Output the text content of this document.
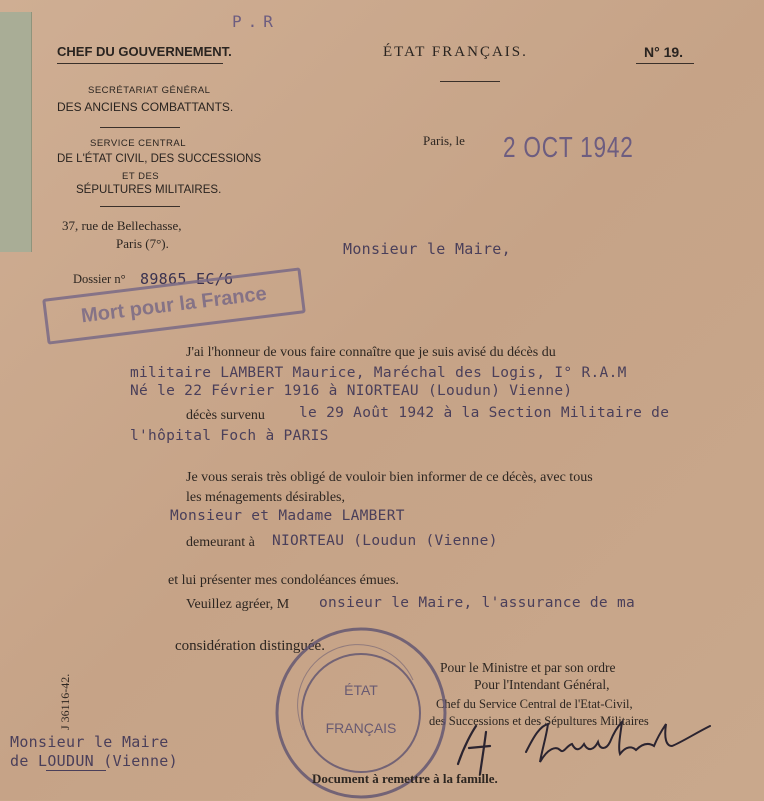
P.R
CHEF DU GOUVERNEMENT.	ÉTAT FRANÇAIS.	N° 19.
SECRÉTARIAT GÉNÉRAL
DES ANCIENS COMBATTANTS.
SERVICE CENTRAL
DE L'ÉTAT CIVIL, DES SUCCESSIONS
ET DES
SÉPULTURES MILITAIRES.
37, rue de Bellechasse,
Paris (7°).
Dossier n° 89865 EC/6
Paris, le 2 OCT 1942
Mort pour la France
Monsieur le Maire,
J'ai l'honneur de vous faire connaître que je suis avisé du décès du
militaire LAMBERT Maurice, Maréchal des Logis, I° R.A.M
Né le 22 Février 1916 à NIORTEAU (Loudun) Vienne)
décès survenu le 29 Août 1942 à la Section Militaire de
l'hôpital Foch à PARIS
Je vous serais très obligé de vouloir bien informer de ce décès, avec tous
les ménagements désirables,
Monsieur et Madame LAMBERT
demeurant à NIORTEAU (Loudun (Vienne)
et lui présenter mes condoléances émues.
Veuillez agréer, M onsieur le Maire, l'assurance de ma
considération distinguée.
Pour le Ministre et par son ordre
Pour l'Intendant Général,
Chef du Service Central de l'Etat-Civil,
des Successions et des Sépultures Militaires
ÉTAT
FRANÇAIS
J 36116-42.
Monsieur le Maire
de LOUDUN (Vienne)
Document à remettre à la famille.
